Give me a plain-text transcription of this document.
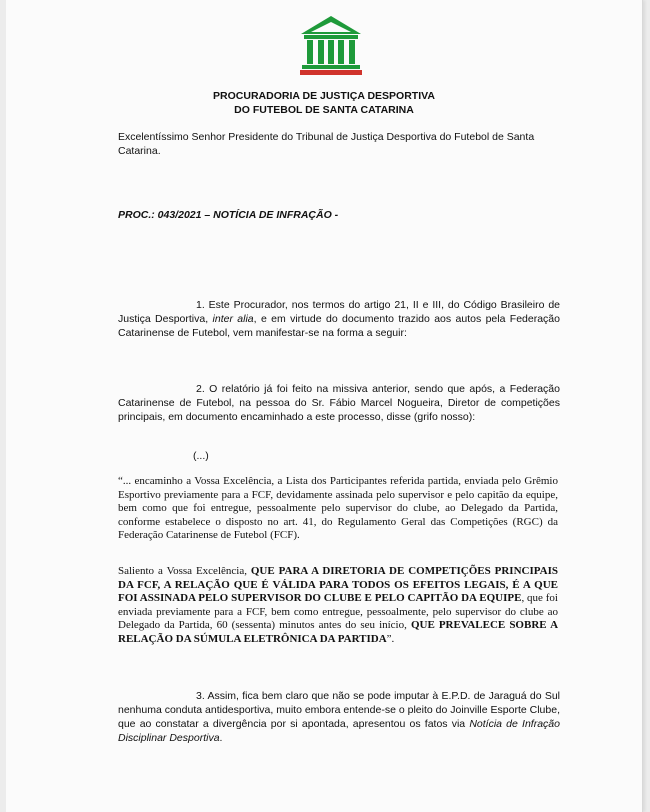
PROCURADORIA DE JUSTIÇA DESPORTIVA
DO FUTEBOL DE SANTA CATARINA
Excelentíssimo Senhor Presidente do Tribunal de Justiça Desportiva do Futebol de Santa Catarina.
PROC.: 043/2021 – NOTÍCIA DE INFRAÇÃO -
1. Este Procurador, nos termos do artigo 21, II e III, do Código Brasileiro de Justiça Desportiva, inter alia, e em virtude do documento trazido aos autos pela Federação Catarinense de Futebol, vem manifestar-se na forma a seguir:
2. O relatório já foi feito na missiva anterior, sendo que após, a Federação Catarinense de Futebol, na pessoa do Sr. Fábio Marcel Nogueira, Diretor de competições principais, em documento encaminhado a este processo, disse (grifo nosso):
(...)
“... encaminho a Vossa Excelência, a Lista dos Participantes referida partida, enviada pelo Grêmio Esportivo previamente para a FCF, devidamente assinada pelo supervisor e pelo capitão da equipe, bem como que foi entregue, pessoalmente pelo supervisor do clube, ao Delegado da Partida, conforme estabelece o disposto no art. 41, do Regulamento Geral das Competições (RGC) da Federação Catarinense de Futebol (FCF).
Saliento a Vossa Excelência, QUE PARA A DIRETORIA DE COMPETIÇÕES PRINCIPAIS DA FCF, A RELAÇÃO QUE É VÁLIDA PARA TODOS OS EFEITOS LEGAIS, É A QUE FOI ASSINADA PELO SUPERVISOR DO CLUBE E PELO CAPITÃO DA EQUIPE, que foi enviada previamente para a FCF, bem como entregue, pessoalmente, pelo supervisor do clube ao Delegado da Partida, 60 (sessenta) minutos antes do seu início, QUE PREVALECE SOBRE A RELAÇÃO DA SÚMULA ELETRÔNICA DA PARTIDA”.
3. Assim, fica bem claro que não se pode imputar à E.P.D. de Jaraguá do Sul nenhuma conduta antidesportiva, muito embora entende-se o pleito do Joinville Esporte Clube, que ao constatar a divergência por si apontada, apresentou os fatos via Notícia de Infração Disciplinar Desportiva.
